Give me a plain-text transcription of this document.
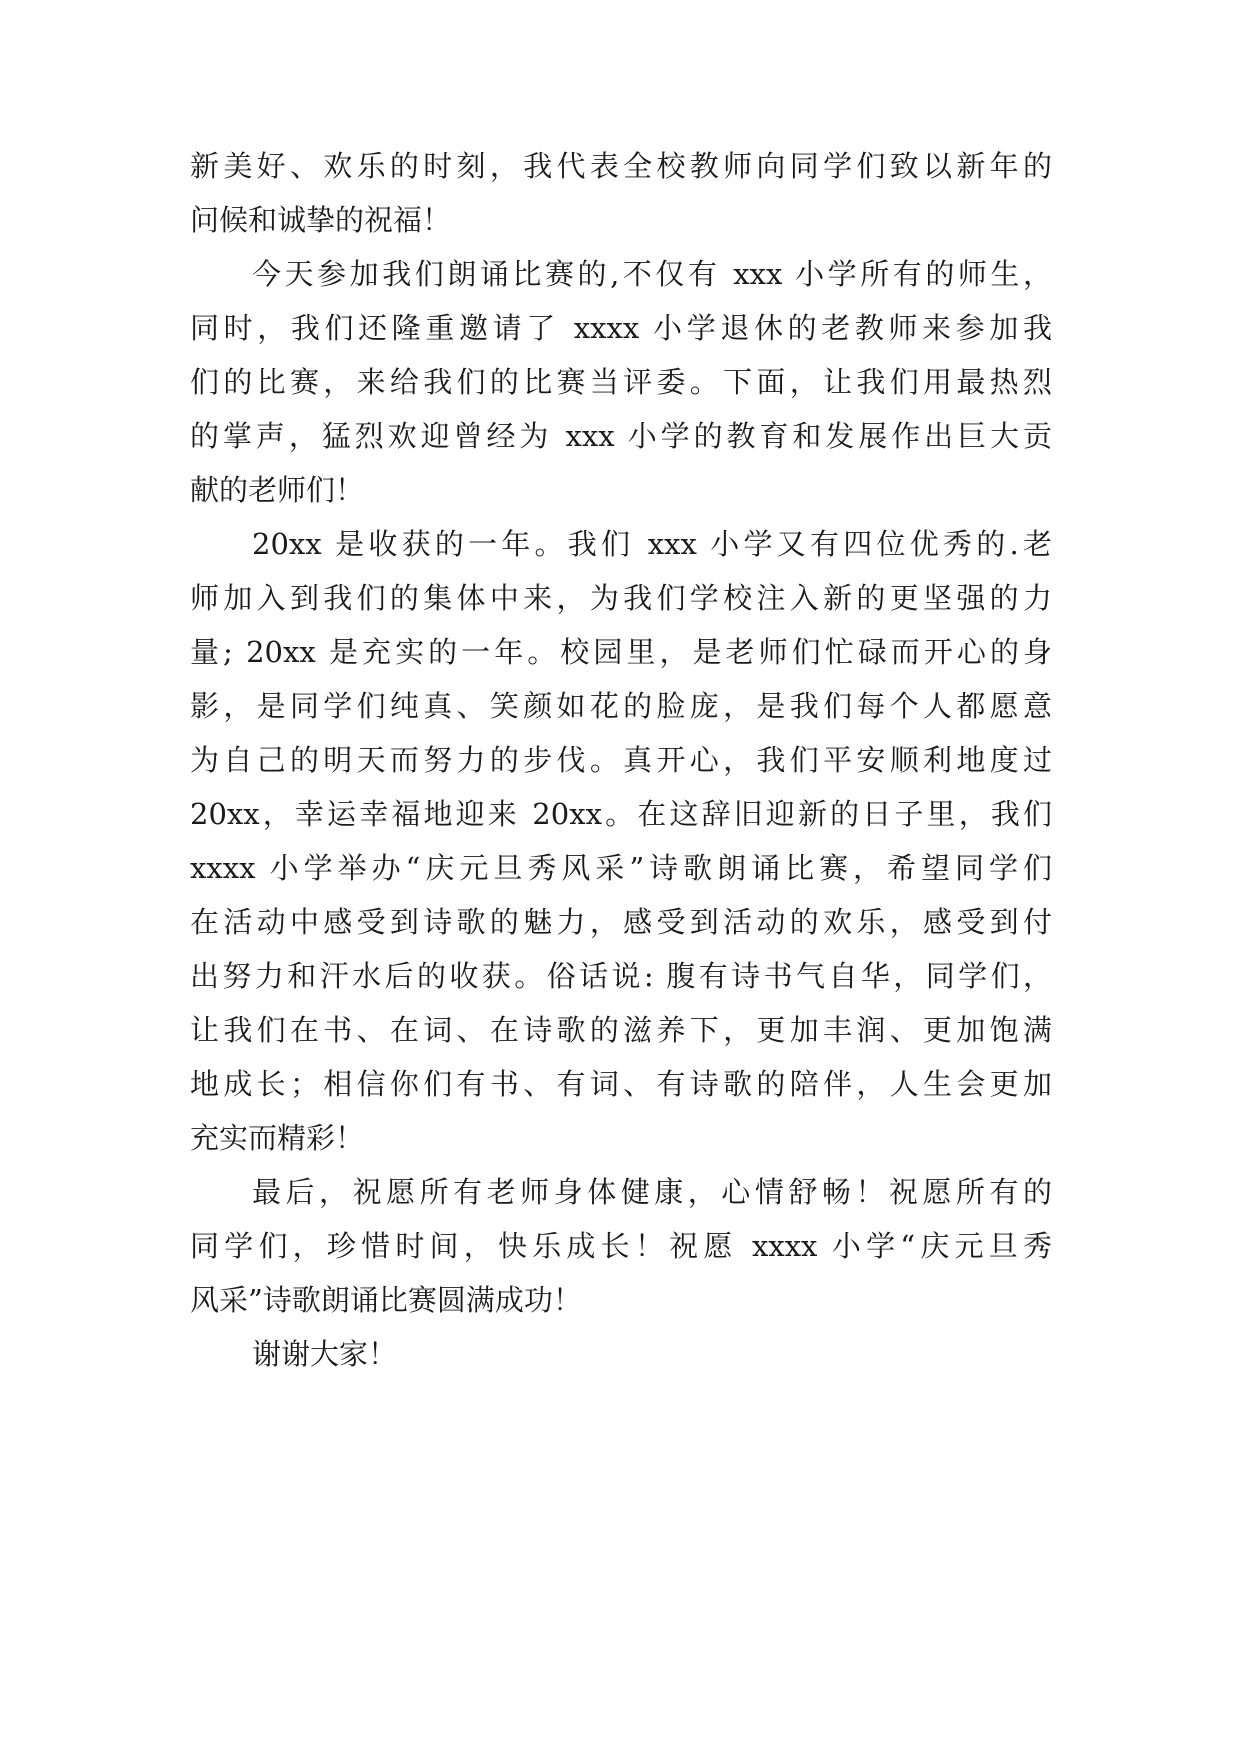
新美好、欢乐的时刻，我代表全校教师向同学们致以新年的
问候和诚挚的祝福！
今天参加我们朗诵比赛的,不仅有 xxx 小学所有的师生，
同时，我们还隆重邀请了 xxxx 小学退休的老教师来参加我
们的比赛，来给我们的比赛当评委。下面，让我们用最热烈
的掌声，猛烈欢迎曾经为 xxx 小学的教育和发展作出巨大贡
献的老师们！
20xx 是收获的一年。我们 xxx 小学又有四位优秀的.老
师加入到我们的集体中来，为我们学校注入新的更坚强的力
量; 20xx 是充实的一年。校园里，是老师们忙碌而开心的身
影，是同学们纯真、笑颜如花的脸庞，是我们每个人都愿意
为自己的明天而努力的步伐。真开心，我们平安顺利地度过
20xx，幸运幸福地迎来 20xx。在这辞旧迎新的日子里，我们
xxxx 小学举办“庆元旦秀风采”诗歌朗诵比赛，希望同学们
在活动中感受到诗歌的魅力，感受到活动的欢乐，感受到付
出努力和汗水后的收获。俗话说: 腹有诗书气自华，同学们，
让我们在书、在词、在诗歌的滋养下，更加丰润、更加饱满
地成长；相信你们有书、有词、有诗歌的陪伴，人生会更加
充实而精彩！
最后，祝愿所有老师身体健康，心情舒畅！祝愿所有的
同学们，珍惜时间，快乐成长！祝愿 xxxx 小学“庆元旦秀
风采”诗歌朗诵比赛圆满成功！
谢谢大家！
